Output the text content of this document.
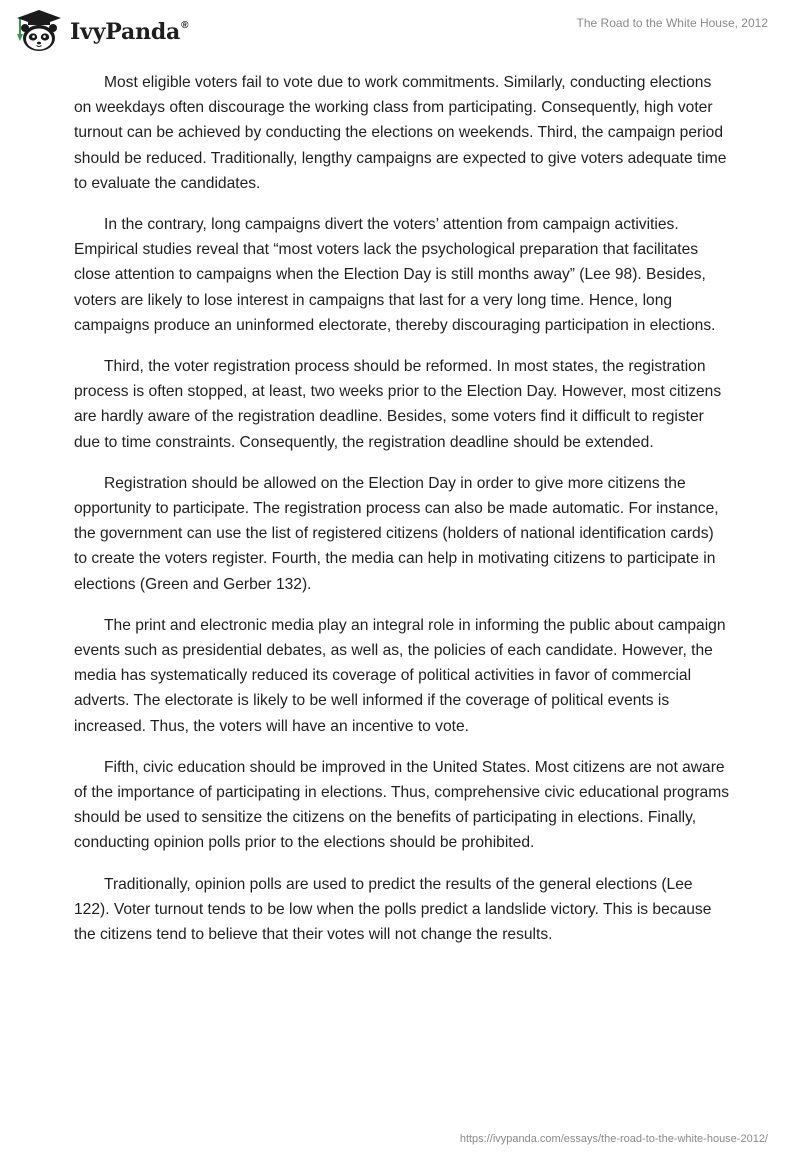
IvyPanda®	The Road to the White House, 2012

Most eligible voters fail to vote due to work commitments. Similarly, conducting elections on weekdays often discourage the working class from participating. Consequently, high voter turnout can be achieved by conducting the elections on weekends. Third, the campaign period should be reduced. Traditionally, lengthy campaigns are expected to give voters adequate time to evaluate the candidates.

In the contrary, long campaigns divert the voters’ attention from campaign activities. Empirical studies reveal that “most voters lack the psychological preparation that facilitates close attention to campaigns when the Election Day is still months away” (Lee 98). Besides, voters are likely to lose interest in campaigns that last for a very long time. Hence, long campaigns produce an uninformed electorate, thereby discouraging participation in elections.

Third, the voter registration process should be reformed. In most states, the registration process is often stopped, at least, two weeks prior to the Election Day. However, most citizens are hardly aware of the registration deadline. Besides, some voters find it difficult to register due to time constraints. Consequently, the registration deadline should be extended.

Registration should be allowed on the Election Day in order to give more citizens the opportunity to participate. The registration process can also be made automatic. For instance, the government can use the list of registered citizens (holders of national identification cards) to create the voters register. Fourth, the media can help in motivating citizens to participate in elections (Green and Gerber 132).

The print and electronic media play an integral role in informing the public about campaign events such as presidential debates, as well as, the policies of each candidate. However, the media has systematically reduced its coverage of political activities in favor of commercial adverts. The electorate is likely to be well informed if the coverage of political events is increased. Thus, the voters will have an incentive to vote.

Fifth, civic education should be improved in the United States. Most citizens are not aware of the importance of participating in elections. Thus, comprehensive civic educational programs should be used to sensitize the citizens on the benefits of participating in elections. Finally, conducting opinion polls prior to the elections should be prohibited.

Traditionally, opinion polls are used to predict the results of the general elections (Lee 122). Voter turnout tends to be low when the polls predict a landslide victory. This is because the citizens tend to believe that their votes will not change the results.

https://ivypanda.com/essays/the-road-to-the-white-house-2012/
